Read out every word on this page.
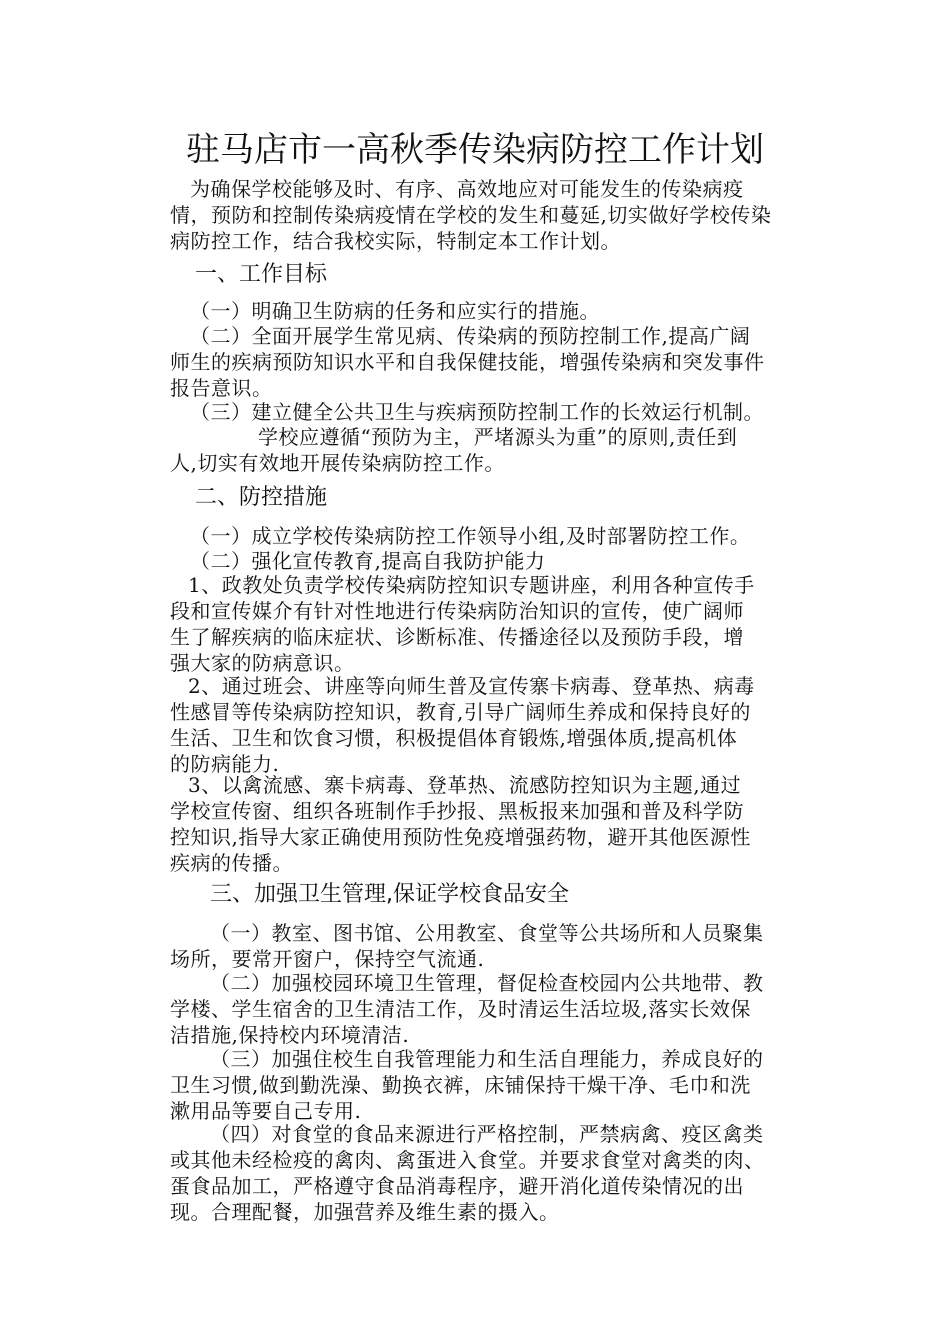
驻马店市一高秋季传染病防控工作计划
为确保学校能够及时、有序、高效地应对可能发生的传染病疫
情，预防和控制传染病疫情在学校的发生和蔓延,切实做好学校传染
病防控工作，结合我校实际，特制定本工作计划。
一、工作目标
（一）明确卫生防病的任务和应实行的措施。
（二）全面开展学生常见病、传染病的预防控制工作,提高广阔
师生的疾病预防知识水平和自我保健技能，增强传染病和突发事件
报告意识。
（三）建立健全公共卫生与疾病预防控制工作的长效运行机制。
学校应遵循“预防为主，严堵源头为重”的原则,责任到
人,切实有效地开展传染病防控工作。
二、防控措施
（一）成立学校传染病防控工作领导小组,及时部署防控工作。
（二）强化宣传教育,提高自我防护能力
1、政教处负责学校传染病防控知识专题讲座，利用各种宣传手
段和宣传媒介有针对性地进行传染病防治知识的宣传，使广阔师
生了解疾病的临床症状、诊断标准、传播途径以及预防手段，增
强大家的防病意识。
2、通过班会、讲座等向师生普及宣传寨卡病毒、登革热、病毒
性感冒等传染病防控知识，教育,引导广阔师生养成和保持良好的
生活、卫生和饮食习惯，积极提倡体育锻炼,增强体质,提高机体
的防病能力.
3、以禽流感、寨卡病毒、登革热、流感防控知识为主题,通过
学校宣传窗、组织各班制作手抄报、黑板报来加强和普及科学防
控知识,指导大家正确使用预防性免疫增强药物，避开其他医源性
疾病的传播。
三、加强卫生管理,保证学校食品安全
（一）教室、图书馆、公用教室、食堂等公共场所和人员聚集
场所，要常开窗户，保持空气流通.
（二）加强校园环境卫生管理，督促检查校园内公共地带、教
学楼、学生宿舍的卫生清洁工作，及时清运生活垃圾,落实长效保
洁措施,保持校内环境清洁.
（三）加强住校生自我管理能力和生活自理能力，养成良好的
卫生习惯,做到勤洗澡、勤换衣裤，床铺保持干燥干净、毛巾和洗
漱用品等要自己专用.
（四）对食堂的食品来源进行严格控制，严禁病禽、疫区禽类
或其他未经检疫的禽肉、禽蛋进入食堂。并要求食堂对禽类的肉、
蛋食品加工，严格遵守食品消毒程序，避开消化道传染情况的出
现。合理配餐，加强营养及维生素的摄入。
